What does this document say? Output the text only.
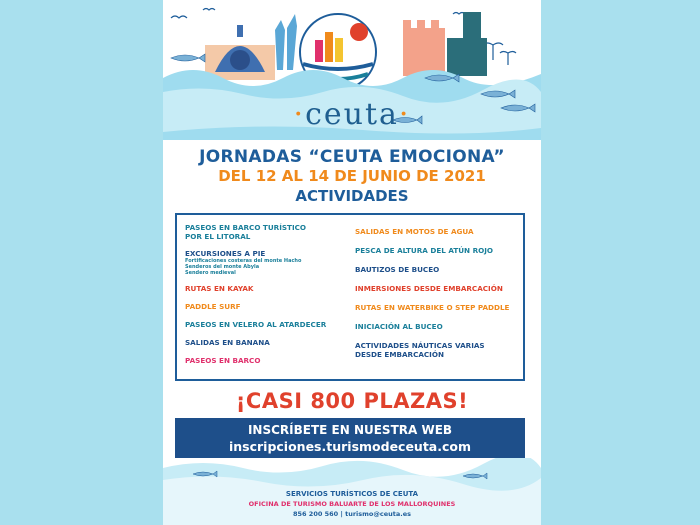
·ceuta·
JORNADAS “CEUTA EMOCIONA”
DEL 12 AL 14 DE JUNIO DE 2021
ACTIVIDADES

PASEOS EN BARCO TURÍSTICO
POR EL LITORAL

EXCURSIONES A PIE

Fortificaciones costeras del monte Hacho
Senderos del monte Abyla
Sendero medieval

RUTAS EN KAYAK

PADDLE SURF

PASEOS EN VELERO AL ATARDECER

SALIDAS EN BANANA

PASEOS EN BARCO

SALIDAS EN MOTOS DE AGUA

PESCA DE ALTURA DEL ATÚN ROJO

BAUTIZOS DE BUCEO

INMERSIONES DESDE EMBARCACIÓN

RUTAS EN WATERBIKE O STEP PADDLE

INICIACIÓN AL BUCEO

ACTIVIDADES NÁUTICAS VARIAS
DESDE EMBARCACIÓN

¡CASI 800 PLAZAS!
INSCRÍBETE EN NUESTRA WEB
inscripciones.turismodeceuta.com
SERVICIOS TURÍSTICOS DE CEUTA
OFICINA DE TURISMO BALUARTE DE LOS MALLORQUINES
856 200 560 | turismo@ceuta.es
